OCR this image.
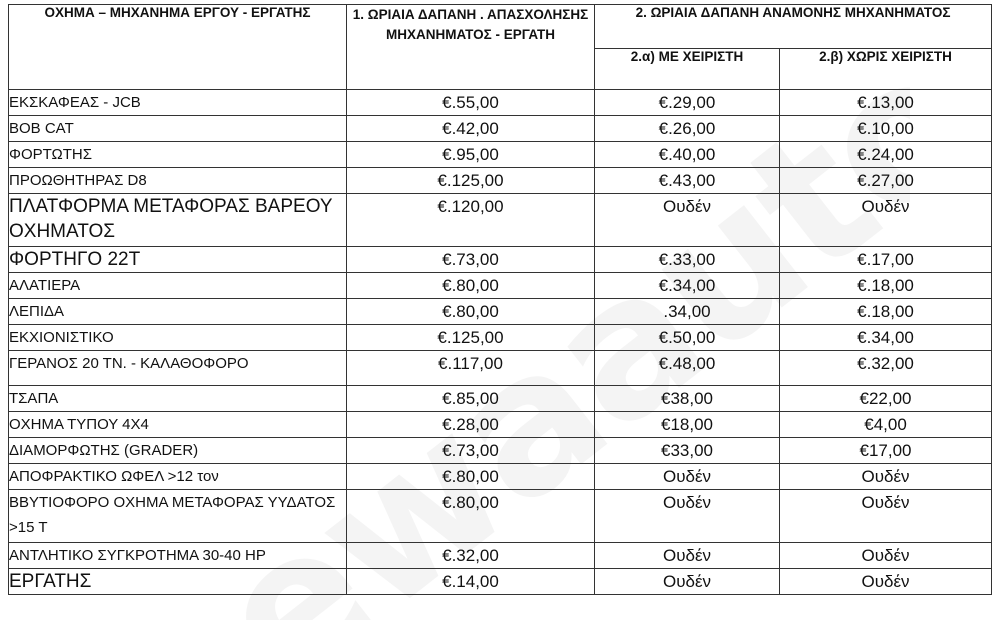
ΟΧΗΜΑ – ΜΗΧΑΝΗΜΑ ΕΡΓΟΥ - ΕΡΓΑΤΗΣ	1. ΩΡΙΑΙΑ ΔΑΠΑΝΗ . ΑΠΑΣΧΟΛΗΣΗΣ ΜΗΧΑΝΗΜΑΤΟΣ - ΕΡΓΑΤΗ	2. ΩΡΙΑΙΑ ΔΑΠΑΝΗ ΑΝΑΜΟΝΗΣ ΜΗΧΑΝΗΜΑΤΟΣ	
		2.α) ΜΕ ΧΕΙΡΙΣΤΗ	2.β) ΧΩΡΙΣ ΧΕΙΡΙΣΤΗ
ΕΚΣΚΑΦΕΑΣ - JCB	€.55,00	€.29,00	€.13,00
BOB CAT	€.42,00	€.26,00	€.10,00
ΦΟΡΤΩΤΗΣ	€.95,00	€.40,00	€.24,00
ΠΡΟΩΘΗΤΗΡΑΣ D8	€.125,00	€.43,00	€.27,00
ΠΛΑΤΦΟΡΜΑ ΜΕΤΑΦΟΡΑΣ ΒΑΡΕΟΥ ΟΧΗΜΑΤΟΣ	€.120,00	Ουδέν	Ουδέν
ΦΟΡΤΗΓΟ 22Τ	€.73,00	€.33,00	€.17,00
ΑΛΑΤΙΕΡΑ	€.80,00	€.34,00	€.18,00
ΛΕΠΙΔΑ	€.80,00	.34,00	€.18,00
ΕΚΧΙΟΝΙΣΤΙΚΟ	€.125,00	€.50,00	€.34,00
ΓΕΡΑΝΟΣ 20 ΤΝ. - ΚΑΛΑΘΟΦΟΡΟ	€.117,00	€.48,00	€.32,00
ΤΣΑΠΑ	€.85,00	€38,00	€22,00
ΟΧΗΜΑ ΤΥΠΟΥ 4Χ4	€.28,00	€18,00	€4,00
ΔΙΑΜΟΡΦΩΤΗΣ (GRADER)	€.73,00	€33,00	€17,00
ΑΠΟΦΡΑΚΤΙΚΟ ΩΦΕΛ >12 τον	€.80,00	Ουδέν	Ουδέν
ΒΒΥΤΙΟΦΟΡΟ ΟΧΗΜΑ ΜΕΤΑΦΟΡΑΣ ΥΥΔΑΤΟΣ >15 Τ	€.80,00	Ουδέν	Ουδέν
ΑΝΤΛΗΤΙΚΟ ΣΥΓΚΡΟΤΗΜΑ 30-40 ΗΡ	€.32,00	Ουδέν	Ουδέν
ΕΡΓΑΤΗΣ	€.14,00	Ουδέν	Ουδέν
